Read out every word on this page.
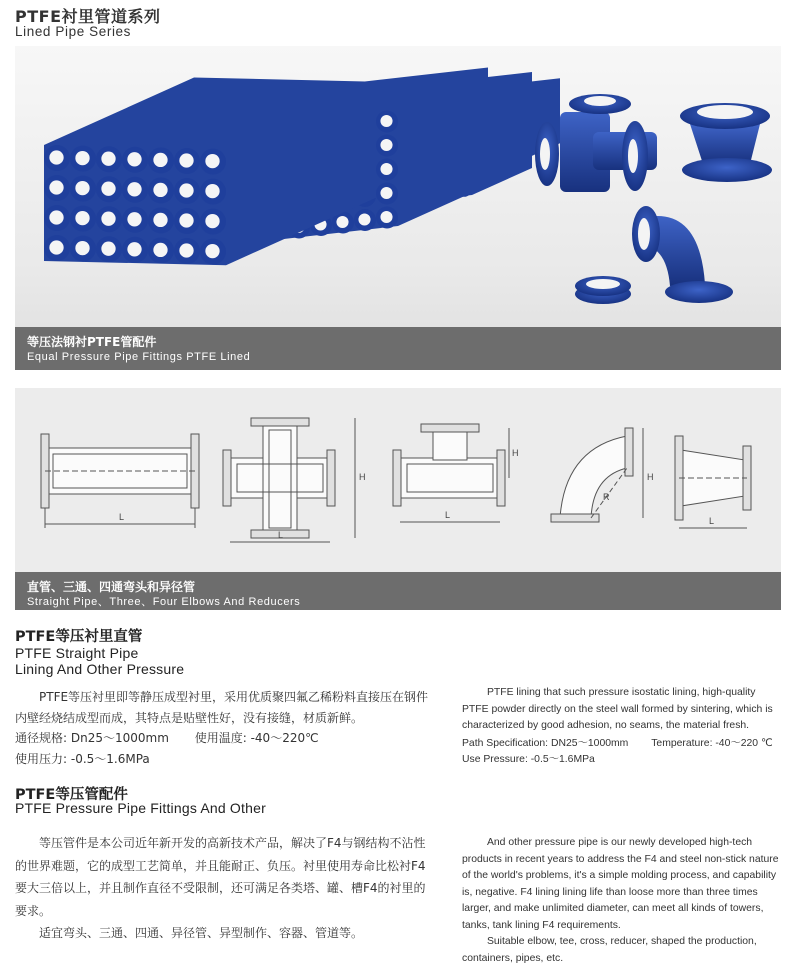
PTFE衬里管道系列
Lined Pipe Series
等压法钢衬PTFE管配件
Equal Pressure Pipe Fittings PTFE Lined
L
L
H
L
H
R
H
L
直管、三通、四通弯头和异径管
Straight Pipe、Three、Four Elbows And Reducers
PTFE等压衬里直管
PTFE Straight Pipe
Lining And Other Pressure

PTFE等压衬里即等静压成型衬里，采用优质聚四氟乙稀粉料直接压在钢件内壁经烧结成型而成，其特点是贴壁性好，没有接缝，材质新鲜。

通径规格: Dn25～1000mm 使用温度: -40～220℃

使用压力: -0.5～1.6MPa

PTFE lining that such pressure isostatic lining, high-quality PTFE powder directly on the steel wall formed by sintering, which is characterized by good adhesion, no seams, the material fresh.

Path Specification: DN25～1000mm Temperature: -40～220 ℃

Use Pressure: -0.5～1.6MPa

PTFE等压管配件
PTFE Pressure Pipe Fittings And Other

等压管件是本公司近年新开发的高新技术产品，解决了F4与钢结构不沾性的世界难题，它的成型工艺简单，并且能耐正、负压。衬里使用寿命比松衬F4要大三倍以上，并且制作直径不受限制，还可满足各类塔、罐、槽F4的衬里的要求。

适宜弯头、三通、四通、异径管、异型制作、容器、管道等。

And other pressure pipe is our newly developed high-tech products in recent years to address the F4 and steel non-stick nature of the world's problems, it's a simple molding process, and capability is, negative. F4 lining lining life than loose more than three times larger, and make unlimited diameter, can meet all kinds of towers, tanks, tank lining F4 requirements.

Suitable elbow, tee, cross, reducer, shaped the production, containers, pipes, etc.
